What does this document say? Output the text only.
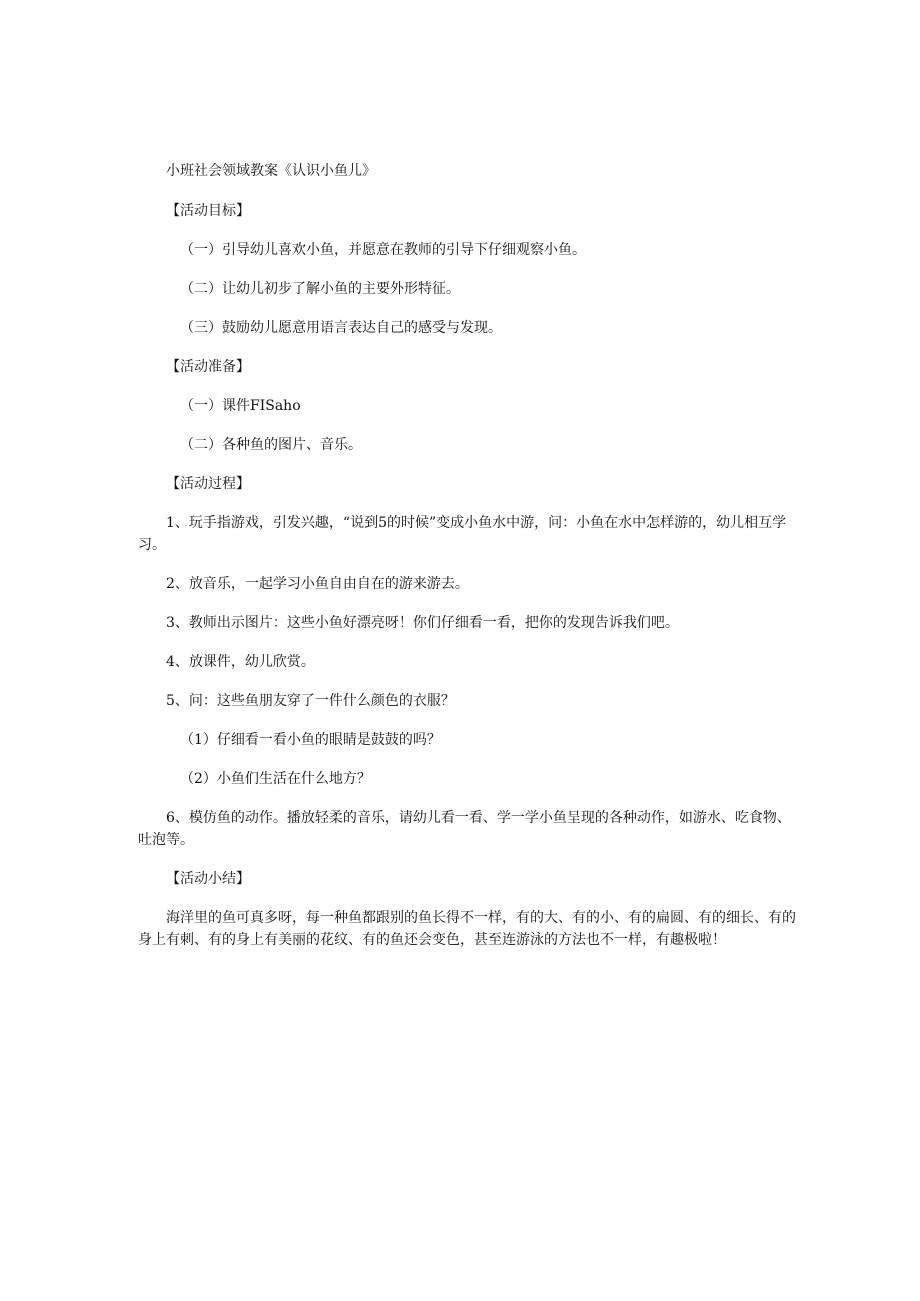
小班社会领域教案《认识小鱼儿》

【活动目标】

（一）引导幼儿喜欢小鱼，并愿意在教师的引导下仔细观察小鱼。

（二）让幼儿初步了解小鱼的主要外形特征。

（三）鼓励幼儿愿意用语言表达自己的感受与发现。

【活动准备】

（一）课件FISaho

（二）各种鱼的图片、音乐。

【活动过程】

1、玩手指游戏，引发兴趣，“说到5的时候”变成小鱼水中游，问：小鱼在水中怎样游的，幼儿相互学习。

2、放音乐，一起学习小鱼自由自在的游来游去。

3、教师出示图片：这些小鱼好漂亮呀！你们仔细看一看，把你的发现告诉我们吧。

4、放课件，幼儿欣赏。

5、问：这些鱼朋友穿了一件什么颜色的衣服？

（1）仔细看一看小鱼的眼睛是鼓鼓的吗？

（2）小鱼们生活在什么地方？

6、模仿鱼的动作。播放轻柔的音乐，请幼儿看一看、学一学小鱼呈现的各种动作，如游水、吃食物、吐泡等。

【活动小结】

海洋里的鱼可真多呀，每一种鱼都跟别的鱼长得不一样，有的大、有的小、有的扁圆、有的细长、有的身上有刺、有的身上有美丽的花纹、有的鱼还会变色，甚至连游泳的方法也不一样，有趣极啦！
